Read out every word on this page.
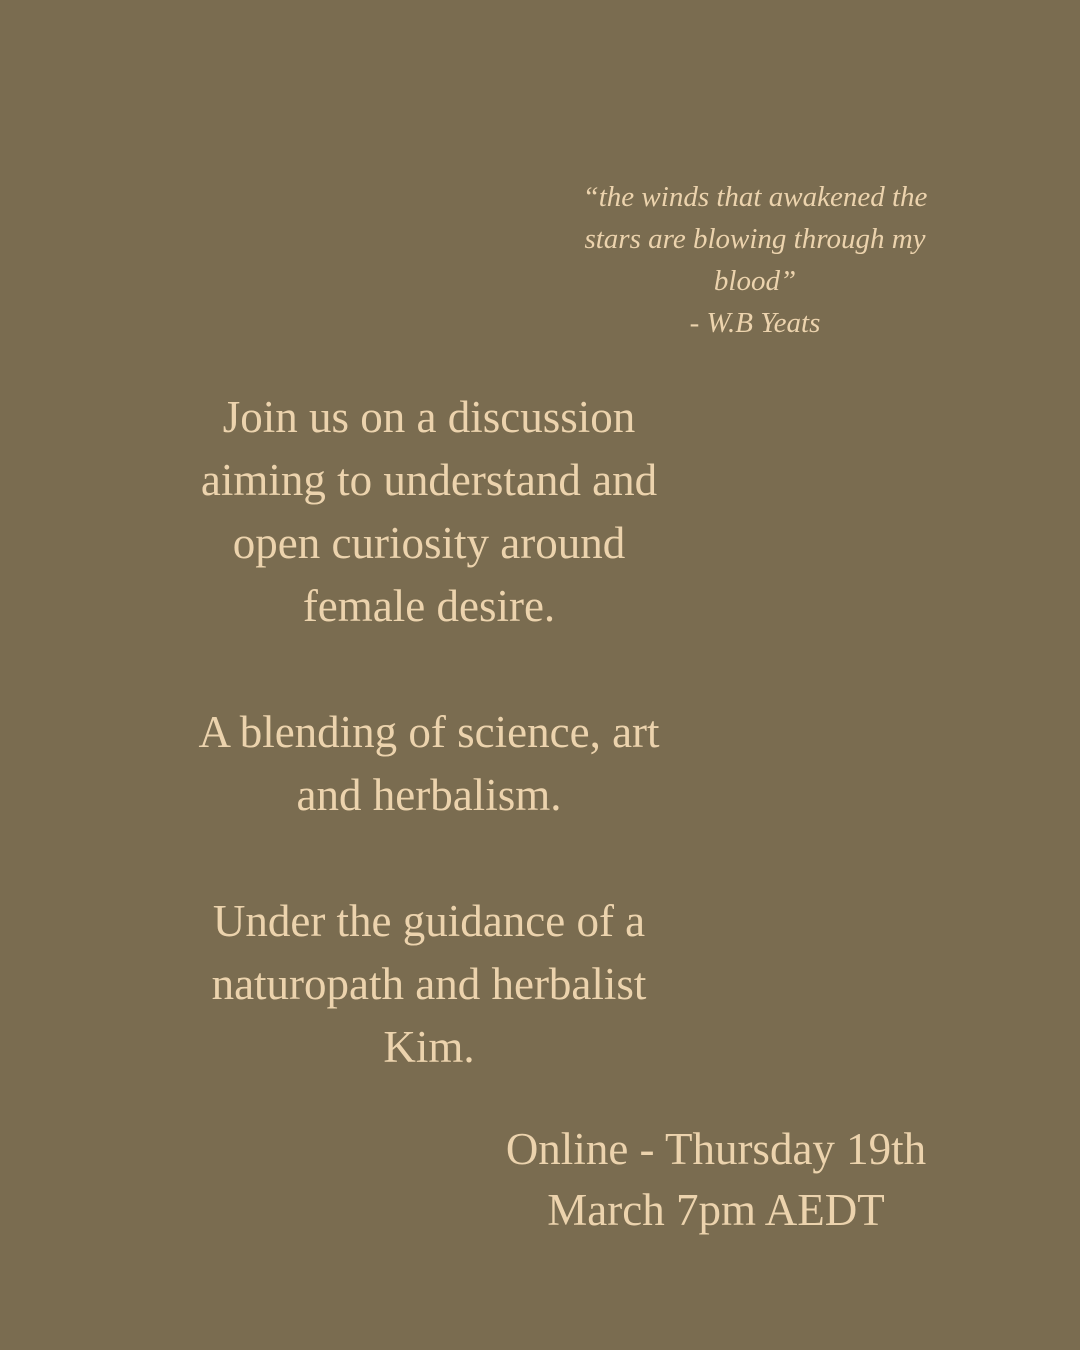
“the winds that awakened the
stars are blowing through my
blood”
- W.B Yeats
Join us on a discussion
aiming to understand and
open curiosity around
female desire.
A blending of science, art
and herbalism.
Under the guidance of a
naturopath and herbalist
Kim.
Online - Thursday 19th
March 7pm AEDT
